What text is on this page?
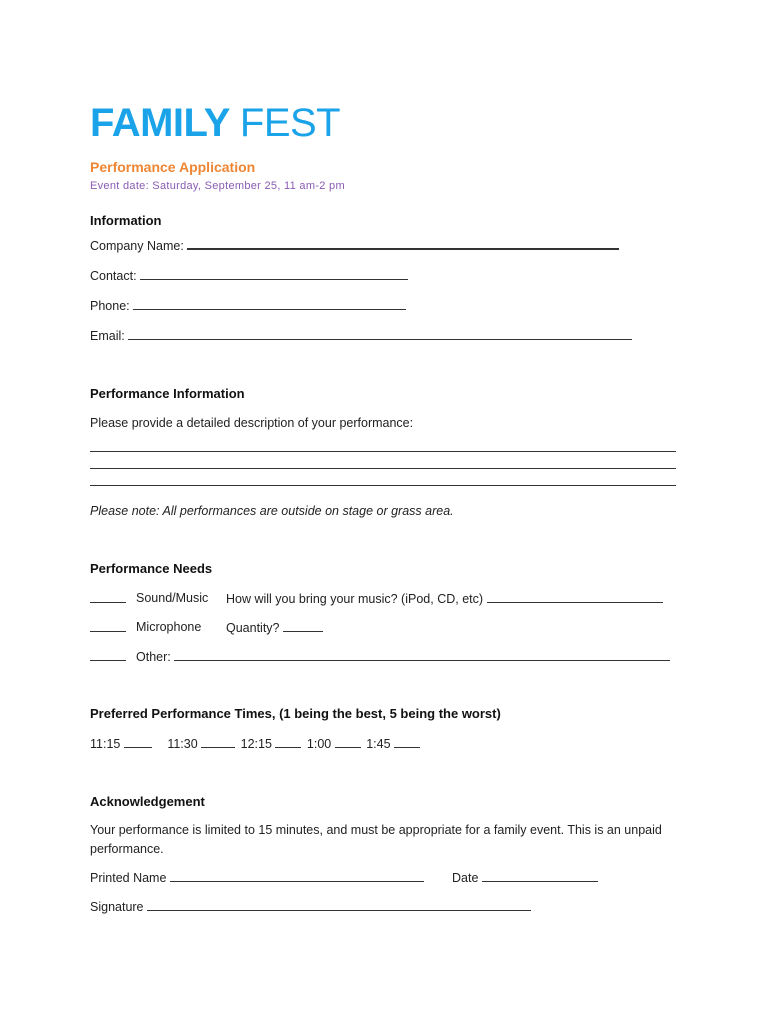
FAMILY FEST
Performance Application
Event date: Saturday, September 25, 11 am-2 pm
Information
Company Name:
Contact:
Phone:
Email:
Performance Information
Please provide a detailed description of your performance:
Please note: All performances are outside on stage or grass area.
Performance Needs
Sound/Music How will you bring your music? (iPod, CD, etc)
Microphone Quantity?
Other:
Preferred Performance Times, (1 being the best, 5 being the worst)
11:15	11:30	12:15	1:00	1:45
Acknowledgement
Your performance is limited to 15 minutes, and must be appropriate for a family event. This is an unpaid performance.
Printed Name	Date
Signature
